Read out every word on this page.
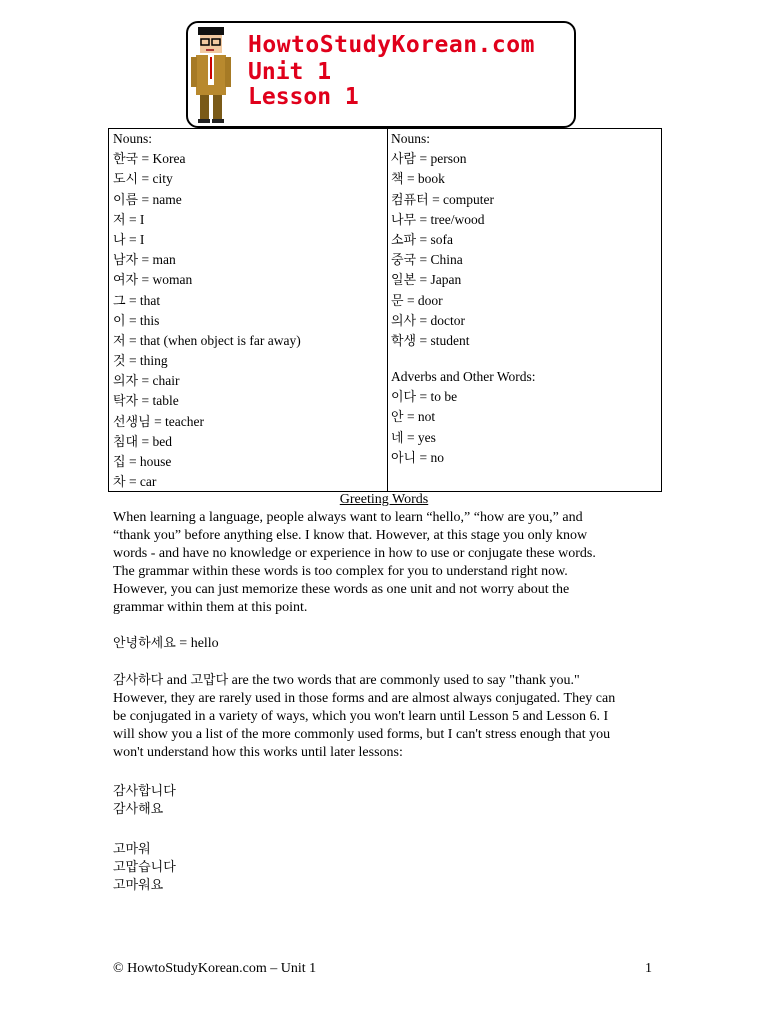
HowtoStudyKorean.com
Unit 1
Lesson 1
Nouns:
한국 = Korea
도시 = city
이름 = name
저 = I
나 = I
남자 = man
여자 = woman
그 = that
이 = this
저 = that (when object is far away)
것 = thing
의자 = chair
탁자 = table
선생님 = teacher
침대 = bed
집 = house
차 = car
Nouns:
사람 = person
책 = book
컴퓨터 = computer
나무 = tree/wood
소파 = sofa
중국 = China
일본 = Japan
문 = door
의사 = doctor
학생 = student
Adverbs and Other Words:
이다 = to be
안 = not
네 = yes
아니 = no
Greeting Words
When learning a language, people always want to learn “hello,” “how are you,” and
“thank you” before anything else. I know that. However, at this stage you only know
words - and have no knowledge or experience in how to use or conjugate these words.
The grammar within these words is too complex for you to understand right now.
However, you can just memorize these words as one unit and not worry about the
grammar within them at this point.
안녕하세요 = hello
감사하다 and 고맙다 are the two words that are commonly used to say "thank you."
However, they are rarely used in those forms and are almost always conjugated. They can
be conjugated in a variety of ways, which you won't learn until Lesson 5 and Lesson 6. I
will show you a list of the more commonly used forms, but I can't stress enough that you
won't understand how this works until later lessons:
감사합니다
감사해요
고마워
고맙습니다
고마워요
© HowtoStudyKorean.com – Unit 1	1
